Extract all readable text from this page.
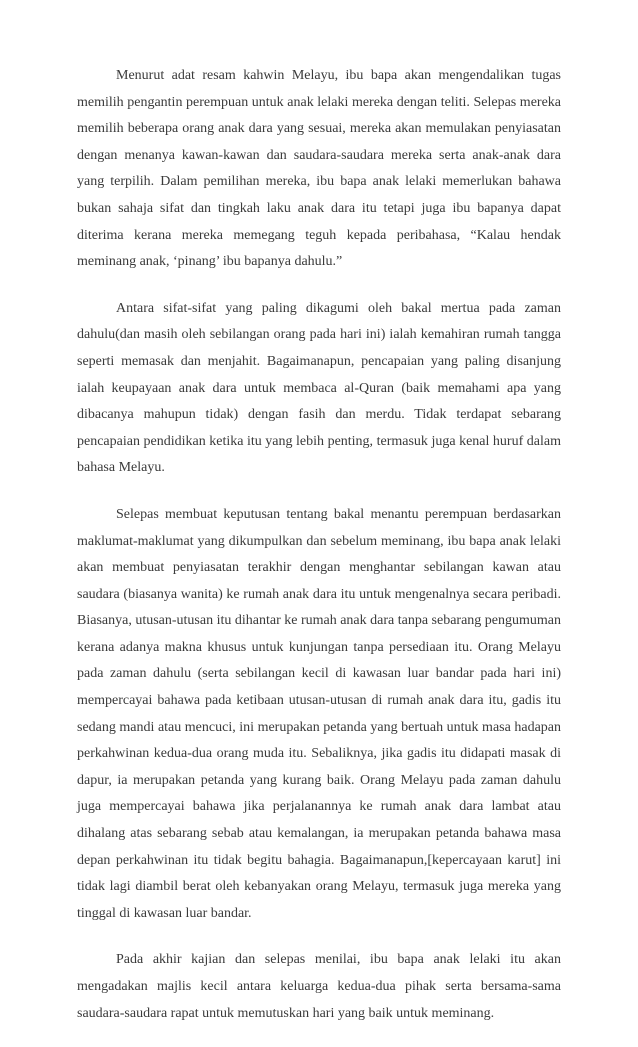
Menurut adat resam kahwin Melayu, ibu bapa akan mengendalikan tugas memilih pengantin perempuan untuk anak lelaki mereka dengan teliti. Selepas mereka memilih beberapa orang anak dara yang sesuai, mereka akan memulakan penyiasatan dengan menanya kawan-kawan dan saudara-saudara mereka serta anak-anak dara yang terpilih. Dalam pemilihan mereka, ibu bapa anak lelaki memerlukan bahawa bukan sahaja sifat dan tingkah laku anak dara itu tetapi juga ibu bapanya dapat diterima kerana mereka memegang teguh kepada peribahasa, “Kalau hendak meminang anak, ‘pinang’ ibu bapanya dahulu.”

Antara sifat-sifat yang paling dikagumi oleh bakal mertua pada zaman dahulu(dan masih oleh sebilangan orang pada hari ini) ialah kemahiran rumah tangga seperti memasak dan menjahit. Bagaimanapun, pencapaian yang paling disanjung ialah keupayaan anak dara untuk membaca al-Quran (baik memahami apa yang dibacanya mahupun tidak) dengan fasih dan merdu. Tidak terdapat sebarang pencapaian pendidikan ketika itu yang lebih penting, termasuk juga kenal huruf dalam bahasa Melayu.

Selepas membuat keputusan tentang bakal menantu perempuan berdasarkan maklumat-maklumat yang dikumpulkan dan sebelum meminang, ibu bapa anak lelaki akan membuat penyiasatan terakhir dengan menghantar sebilangan kawan atau saudara (biasanya wanita) ke rumah anak dara itu untuk mengenalnya secara peribadi. Biasanya, utusan-utusan itu dihantar ke rumah anak dara tanpa sebarang pengumuman kerana adanya makna khusus untuk kunjungan tanpa persediaan itu. Orang Melayu pada zaman dahulu (serta sebilangan kecil di kawasan luar bandar pada hari ini) mempercayai bahawa pada ketibaan utusan-utusan di rumah anak dara itu, gadis itu sedang mandi atau mencuci, ini merupakan petanda yang bertuah untuk masa hadapan perkahwinan kedua-dua orang muda itu. Sebaliknya, jika gadis itu didapati masak di dapur, ia merupakan petanda yang kurang baik. Orang Melayu pada zaman dahulu juga mempercayai bahawa jika perjalanannya ke rumah anak dara lambat atau dihalang atas sebarang sebab atau kemalangan, ia merupakan petanda bahawa masa depan perkahwinan itu tidak begitu bahagia. Bagaimanapun,[kepercayaan karut] ini tidak lagi diambil berat oleh kebanyakan orang Melayu, termasuk juga mereka yang tinggal di kawasan luar bandar.

Pada akhir kajian dan selepas menilai, ibu bapa anak lelaki itu akan mengadakan majlis kecil antara keluarga kedua-dua pihak serta bersama-sama saudara-saudara rapat untuk memutuskan hari yang baik untuk meminang.
